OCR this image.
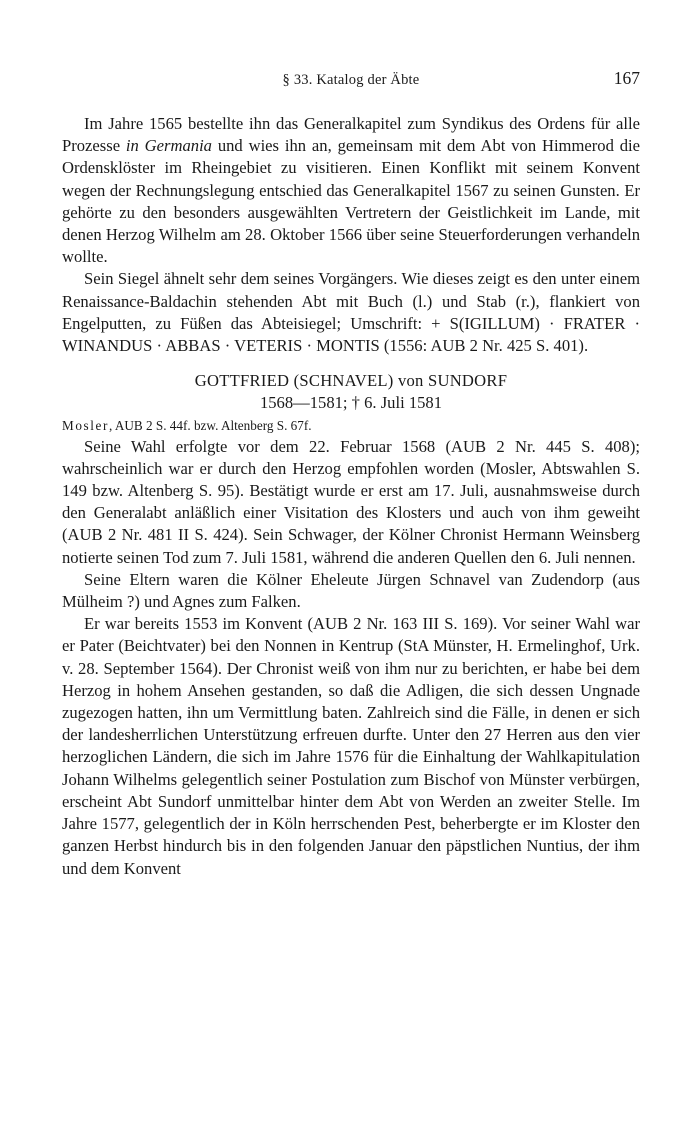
§ 33. Katalog der Äbte	167

Im Jahre 1565 bestellte ihn das Generalkapitel zum Syndikus des Ordens für alle Prozesse in Germania und wies ihn an, gemeinsam mit dem Abt von Himmerod die Ordensklöster im Rheingebiet zu visitieren. Einen Konflikt mit seinem Konvent wegen der Rechnungslegung entschied das Generalkapitel 1567 zu seinen Gunsten. Er gehörte zu den besonders ausgewählten Vertretern der Geistlichkeit im Lande, mit denen Herzog Wilhelm am 28. Oktober 1566 über seine Steuerforderungen verhandeln wollte.

Sein Siegel ähnelt sehr dem seines Vorgängers. Wie dieses zeigt es den unter einem Renaissance-Baldachin stehenden Abt mit Buch (l.) und Stab (r.), flankiert von Engelputten, zu Füßen das Abteisiegel; Umschrift: + S(IGILLUM) · FRATER · WINANDUS · ABBAS · VETERIS · MONTIS (1556: AUB 2 Nr. 425 S. 401).

GOTTFRIED (SCHNAVEL) von SUNDORF
1568—1581; † 6. Juli 1581
Mosler, AUB 2 S. 44f. bzw. Altenberg S. 67f.

Seine Wahl erfolgte vor dem 22. Februar 1568 (AUB 2 Nr. 445 S. 408); wahrscheinlich war er durch den Herzog empfohlen worden (Mosler, Abtswahlen S. 149 bzw. Altenberg S. 95). Bestätigt wurde er erst am 17. Juli, ausnahmsweise durch den Generalabt anläßlich einer Visitation des Klosters und auch von ihm geweiht (AUB 2 Nr. 481 II S. 424). Sein Schwager, der Kölner Chronist Hermann Weinsberg notierte seinen Tod zum 7. Juli 1581, während die anderen Quellen den 6. Juli nennen.

Seine Eltern waren die Kölner Eheleute Jürgen Schnavel van Zudendorp (aus Mülheim ?) und Agnes zum Falken.

Er war bereits 1553 im Konvent (AUB 2 Nr. 163 III S. 169). Vor seiner Wahl war er Pater (Beichtvater) bei den Nonnen in Kentrup (StA Münster, H. Ermelinghof, Urk. v. 28. September 1564). Der Chronist weiß von ihm nur zu berichten, er habe bei dem Herzog in hohem Ansehen gestanden, so daß die Adligen, die sich dessen Ungnade zugezogen hatten, ihn um Vermittlung baten. Zahlreich sind die Fälle, in denen er sich der landesherrlichen Unterstützung erfreuen durfte. Unter den 27 Herren aus den vier herzoglichen Ländern, die sich im Jahre 1576 für die Einhaltung der Wahlkapitulation Johann Wilhelms gelegentlich seiner Postulation zum Bischof von Münster verbürgen, erscheint Abt Sundorf unmittelbar hinter dem Abt von Werden an zweiter Stelle. Im Jahre 1577, gelegentlich der in Köln herrschenden Pest, beherbergte er im Kloster den ganzen Herbst hindurch bis in den folgenden Januar den päpstlichen Nuntius, der ihm und dem Konvent
